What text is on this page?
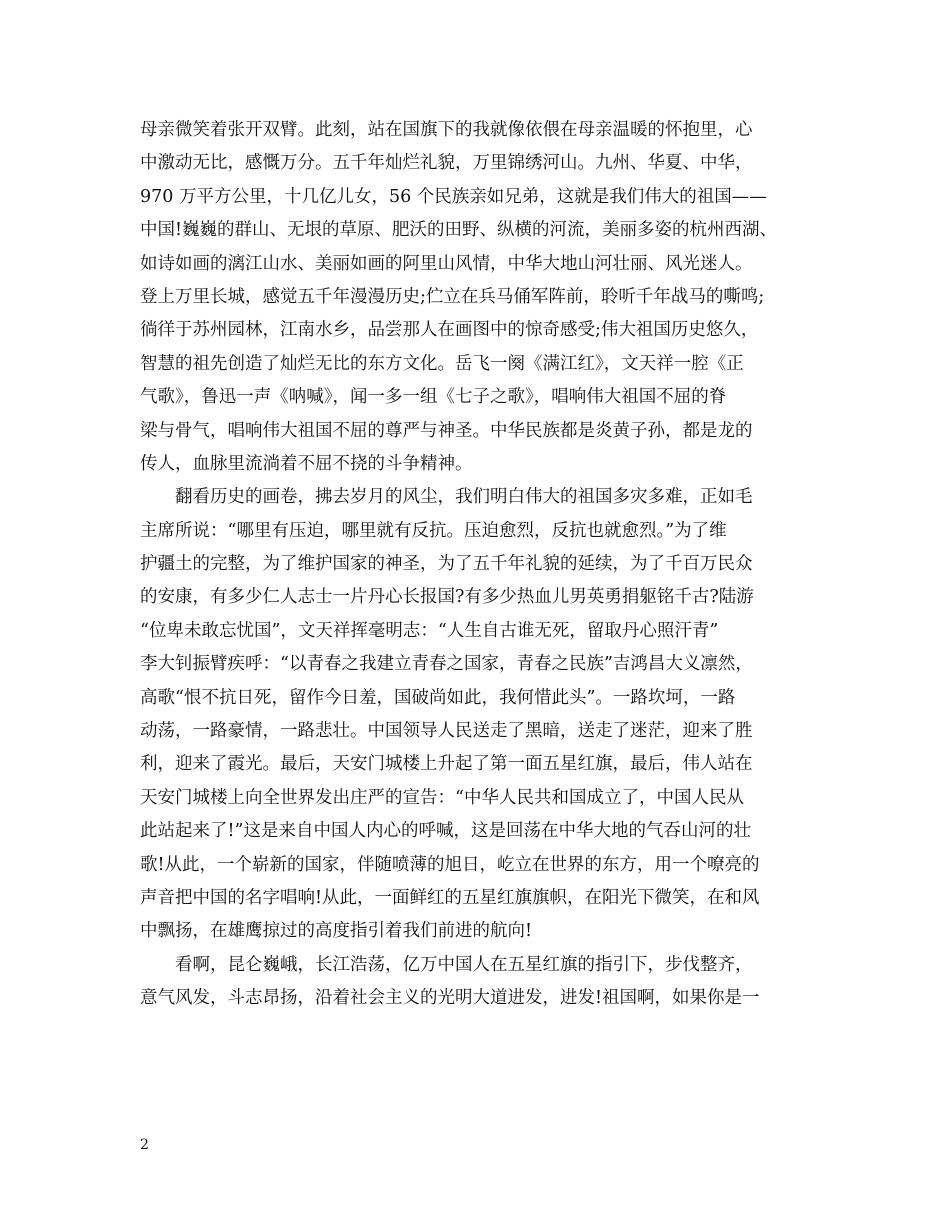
母亲微笑着张开双臂。此刻，站在国旗下的我就像依偎在母亲温暖的怀抱里，心
中激动无比，感慨万分。五千年灿烂礼貌，万里锦绣河山。九州、华夏、中华，
970 万平方公里，十几亿儿女，56 个民族亲如兄弟，这就是我们伟大的祖国——
中国!巍巍的群山、无垠的草原、肥沃的田野、纵横的河流，美丽多姿的杭州西湖、
如诗如画的漓江山水、美丽如画的阿里山风情，中华大地山河壮丽、风光迷人。
登上万里长城，感觉五千年漫漫历史;伫立在兵马俑军阵前，聆听千年战马的嘶鸣;
徜徉于苏州园林，江南水乡，品尝那人在画图中的惊奇感受;伟大祖国历史悠久，
智慧的祖先创造了灿烂无比的东方文化。岳飞一阕《满江红》，文天祥一腔《正
气歌》，鲁迅一声《呐喊》，闻一多一组《七子之歌》，唱响伟大祖国不屈的脊
梁与骨气，唱响伟大祖国不屈的尊严与神圣。中华民族都是炎黄子孙，都是龙的
传人，血脉里流淌着不屈不挠的斗争精神。
　　翻看历史的画卷，拂去岁月的风尘，我们明白伟大的祖国多灾多难，正如毛
主席所说：“哪里有压迫，哪里就有反抗。压迫愈烈，反抗也就愈烈。”为了维
护疆土的完整，为了维护国家的神圣，为了五千年礼貌的延续，为了千百万民众
的安康，有多少仁人志士一片丹心长报国?有多少热血儿男英勇捐躯铭千古?陆游
“位卑未敢忘忧国”，文天祥挥毫明志：“人生自古谁无死，留取丹心照汗青”
李大钊振臂疾呼：“以青春之我建立青春之国家，青春之民族”吉鸿昌大义凛然，
高歌“恨不抗日死，留作今日羞，国破尚如此，我何惜此头”。一路坎坷，一路
动荡，一路豪情，一路悲壮。中国领导人民送走了黑暗，送走了迷茫，迎来了胜
利，迎来了霞光。最后，天安门城楼上升起了第一面五星红旗，最后，伟人站在
天安门城楼上向全世界发出庄严的宣告：“中华人民共和国成立了，中国人民从
此站起来了!”这是来自中国人内心的呼喊，这是回荡在中华大地的气吞山河的壮
歌!从此，一个崭新的国家，伴随喷薄的旭日，屹立在世界的东方，用一个嘹亮的
声音把中国的名字唱响!从此，一面鲜红的五星红旗旗帜，在阳光下微笑，在和风
中飘扬，在雄鹰掠过的高度指引着我们前进的航向!
　　看啊，昆仑巍峨，长江浩荡，亿万中国人在五星红旗的指引下，步伐整齐，
意气风发，斗志昂扬，沿着社会主义的光明大道进发，进发!祖国啊，如果你是一
2
